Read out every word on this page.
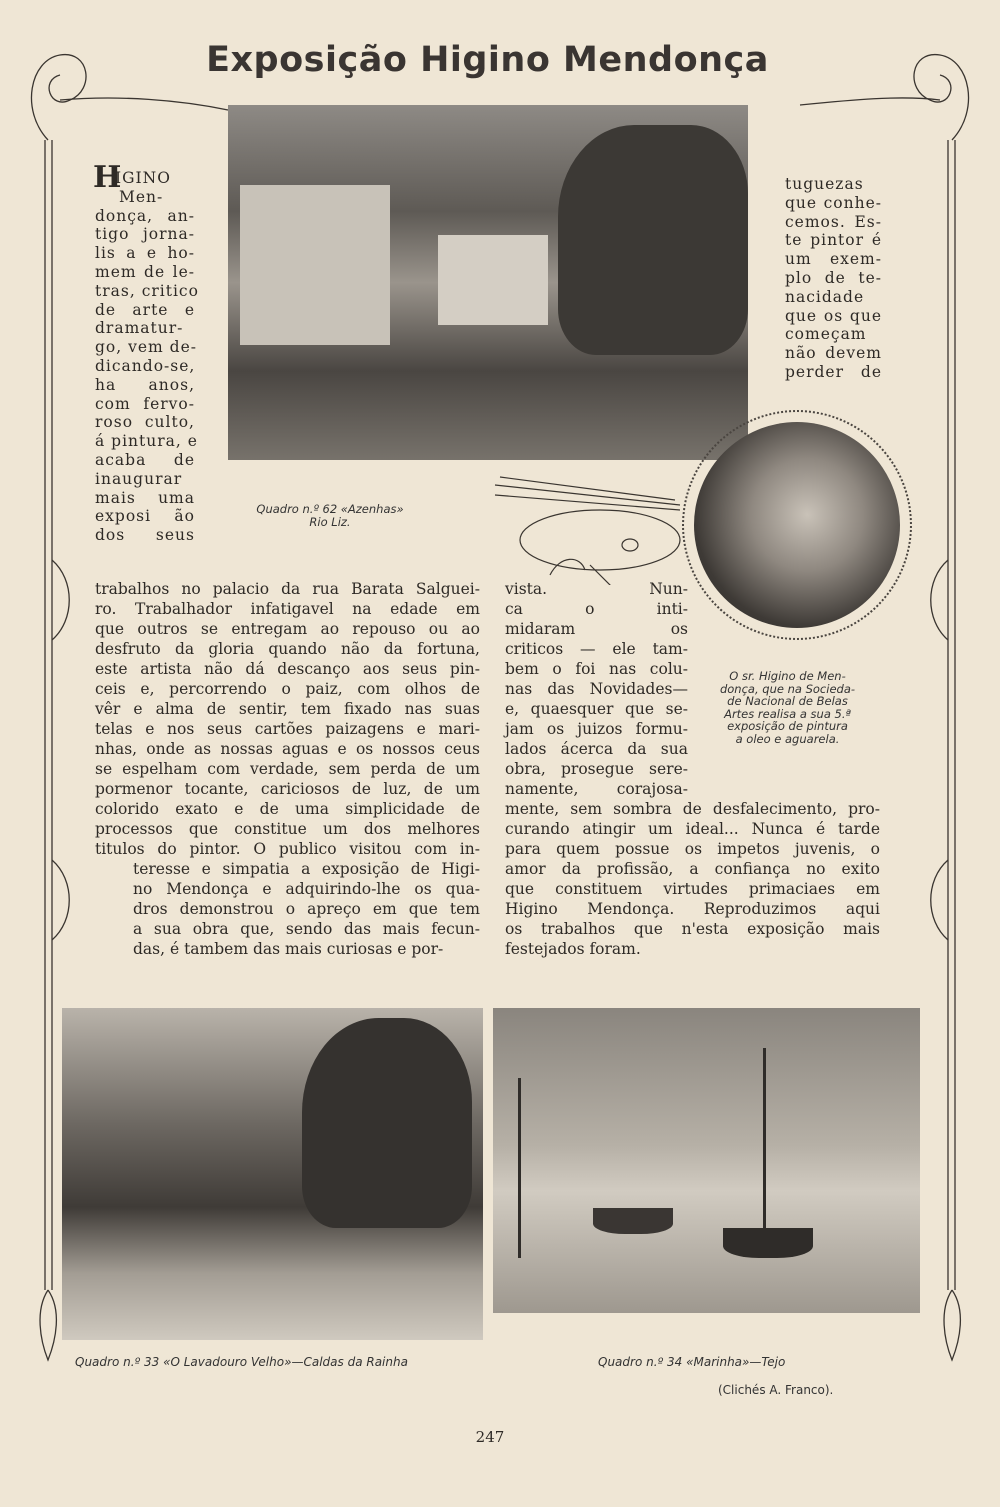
Exposição Higino Mendonça
Quadro n.º 62 «Azenhas»
Rio Liz.
O sr. Higino de Men-
donça, que na Socieda-
de Nacional de Belas
Artes realisa a sua 5.ª
exposição de pintura
a oleo e aguarela.
H
IGINO
Men-
donça, an-
tigo jorna-
lis a e ho-
mem de le-
tras, critico
de arte e
dramatur-
go, vem de-
dicando-se,
ha anos,
com fervo-
roso culto,
á pintura, e
acaba de
inaugurar
mais uma
exposi ão
dos seus
trabalhos no palacio da rua Barata Salguei-
ro. Trabalhador infatigavel na edade em
que outros se entregam ao repouso ou ao
desfruto da gloria quando não da fortuna,
este artista não dá descanço aos seus pin-
ceis e, percorrendo o paiz, com olhos de
vêr e alma de sentir, tem fixado nas suas
telas e nos seus cartões paizagens e mari-
nhas, onde as nossas aguas e os nossos ceus
se espelham com verdade, sem perda de um
pormenor tocante, cariciosos de luz, de um
colorido exato e de uma simplicidade de
processos que constitue um dos melhores
titulos do pintor. O publico visitou com in-
teresse e simpatia a exposição de Higi-
no Mendonça e adquirindo-lhe os qua-
dros demonstrou o apreço em que tem
a sua obra que, sendo das mais fecun-
das, é tambem das mais curiosas e por-
tuguezas
que conhe-
cemos. Es-
te pintor é
um exem-
plo de te-
nacidade
que os que
começam
não devem
perder de
vista. Nun-
ca o inti-
midaram os
criticos — ele tam-
bem o foi nas colu-
nas das Novidades—
e, quaesquer que se-
jam os juizos formu-
lados ácerca da sua
obra, prosegue sere-
namente, corajosa-
mente, sem sombra de desfalecimento, pro-
curando atingir um ideal... Nunca é tarde
para quem possue os impetos juvenis, o
amor da profissão, a confiança no exito
que constituem virtudes primaciaes em
Higino Mendonça. Reproduzimos aqui
os trabalhos que n'esta exposição mais
festejados foram.
Quadro n.º 33 «O Lavadouro Velho»—Caldas da Rainha	Quadro n.º 34 «Marinha»—Tejo
(Clichés A. Franco).
247
